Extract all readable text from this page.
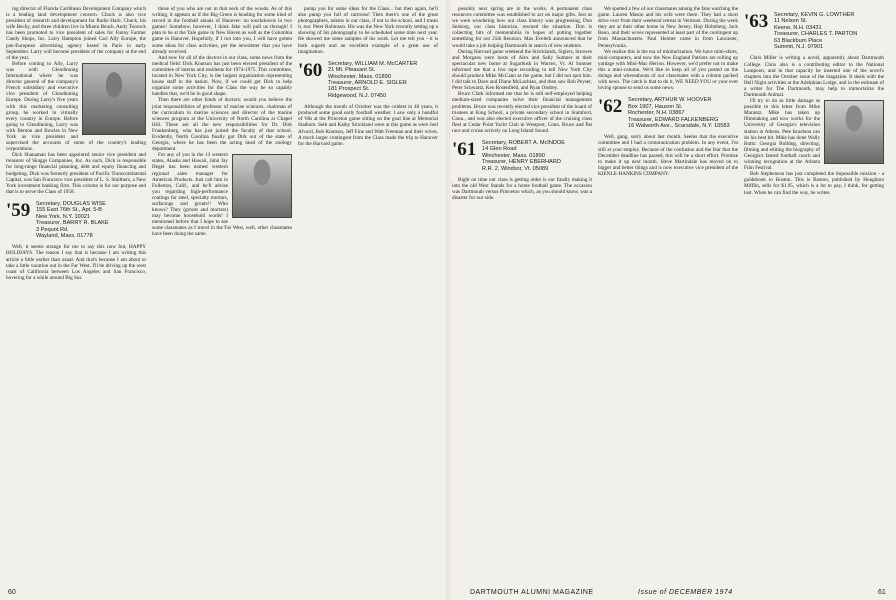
ing director of Florida Caribbean Development Company which is a leading land development concern. Chuck is also vice president of research and development for Radio Haiti. Chuck, his wife Becky, and three children live in Miami Beach. Andy Toorock has been promoted to vice president of sales for Funny Farmer Candy Shops, Inc. Larry Hampton joined Carl Ally Europe, the pan-European advertising agency based in Paris in early September. Larry will become president of the company at the end of the year.

Before coming to Ally, Larry was with Glendinning International where he was director general of the company's French subsidiary and executive vice president of Glendinning Europe. During Larry's five years with this marketing consulting group, he worked in virtually every country in Europe. Before going to Glendinning, Larry was with Benton and Bowles in New York as vice president and supervised the accounts of some of the country's leading corporations.

Dick Shanaman has been appointed senior vice president and treasurer of Skaggs Companies, Inc. As such, Dick is responsible for long-range financial planning, debt and equity financing and budgeting. Dick was formerly president of Pacific Transcontinental Capital, was San Francisco vice president of L. S. Smithers, a New York investment banking firm. This column is for our purpose and that is to serve the Class of 1958.

'59 Secretary, DOUGLAS WISE
155 East 76th St., Apt. 5-B
New York, N.Y. 10021
Treasurer, BARRY R. BLAKE
3 Pequot Rd.
Wayland, Mass. 01778

Well, it seems strange for me to say this now but, HAPPY HOLIDAYS. The reason I say that is because I am writing this article a little earlier than usual. And that's because I am about to take a little vacation out in the Far West. I'll be driving up the west coast of California between Los Angeles and San Francisco, hovering for a while around Big Sur.

those of you who are out in that neck of the woods. As of this writing, it appears as if the Big Green is heading for some kind of record in the football annals of Hanover: no touchdowns in two games! Somehow, however, I think Jake will pull us through! I plan to be at the Yale game in New Haven as well as the Columbia game in Hanover. Hopefully, if I run into you, I will have gotten some ideas for class activities, per the newsletter that you have already received.

And now for all of the doctors in our class, some news from the medical field: Dick Knutson has just been elected president of the committee of interns and residents for 1974-1975. This committee, located in New York City, is the largest organization representing house staff in the nation. Now, if we could get Dick to help organize some activities for the Class the way he so capably handles that, we'd be in good shape.

Then there are other kinds of doctors: would you believe the joint responsibilities of professor of marine sciences, chairman of the curriculum in marine sciences and director of the marine sciences program at the University of North Carolina at Chapel Hill. These are all the new responsibilities for Dr. Dirk Frankenberg, who has just joined the faculty of that school. Evidently, North Carolina finally got Dirk out of the state of Georgia, where he has been the acting head of the zoology department.

For any of you in the 13 western states, Alaska and Hawaii, John Jay Hegel has been named western regional sales manager for American Products. Just call him in Fullerton, Calif., and he'll advise you regarding high-performance coatings for steel, specialty mortars, surfacings and grouts!! Who knows? They (grouts and mortars) may become household words! I mentioned before that I hope to see some classmates as I travel in the Far West, well, other classmates have been doing the same.

pump you for some ideas for the Class... but then again, he'll also pump you full of cartoons! Then there's one of the great photographers, talents in our class, if not in the school, and I mean it, too: Peter Robinson. His was the New York recently setting up a showing of his photography to be scheduled some time next year. He showed me some samples of his work. Let me tell you - it is both superb and an excellent example of a great use of imagination.

'60 Secretary, WILLIAM M. McCARTER
21 Mt. Pleasant St.
Winchester, Mass. 01890
Treasurer, ARNOLD E. SIGLER
181 Prospect St.
Ridgewood, N.J. 07450

Although the month of October was the coldest in 40 years, it produced some good early football weather. I saw only a handful of '60s at the Princeton game sitting on the goal line at Memorial Stadium. Seth and Kathy Strickland were at this game as were Joel Alvord, Bob Knutson, Jeff Fine and Walt Freeman and their wives. A much larger contingent from the Class made the trip to Hanover for the Harvard game.

60

possibly next spring are in the works. A permanent class resources committee was established to act on major gifts. Just as we were wondering how our class history was progressing, Don Seaborg, our class historian, rescued the situation. Don is collecting bits of memorabilia in hopes of putting together something for our 25th Reunion. Max Eveleth announced that he would take a job helping Dartmouth in search of new students.

During Harvard game weekend the Stricklands, Siglers, Strowes and Morgans were hosts of Alex and Sally Sumner at their spectacular new home at Sugarbush in Warren, Vt. Al Sumner informed me that a live tape recording to tell New York City should produce Mike McCann as the game, but I did not spot him. I did talk to Dave and Diane McLachlan, and then saw Bob Peyser, Peter Schwartz, Ken Rosenfield, and Ryan Ondrey.

Bruce Clark informed me that he is still self-employed helping medium-sized companies solve their financial management problems. Bruce was recently elected vice president of the board of trustees at King School, a private secondary school in Stamford, Conn., and was also elected executive officer of the cruising class fleet at Cedar Point Yacht Club in Westport, Conn. Bruce and Pat race and cruise actively on Long Island Sound.

'61 Secretary, ROBERT A. McINDOE
14 Glen Road
Winchester, Mass. 01890
Treasurer, HENRY EBERHARD
R.R. 2, Windsor, Vt. 05089

Right on time our class is getting older is our finally making it into the old West Stands for a home football game. The occasion was Dartmouth versus Princeton which, as you should know, was a disaster for our side.

We spotted a few of our classmates among the fans watching the game. Lauren Mason and his wife were there. They had a short drive over from their weekend retreat in Vermont. During the week they are at their other home in New Jersey. Hop Holmberg, Jack Reno, and their wives represented at least part of the contingent up from Massachusetts. Paul Heimer came in from Lancaster, Pennsylvania.

We realize this is the era of miniturization. We have mini-skirts, mini-computers, and now the New England Patriots are rolling up yardage with Mini-Mac Herron. However, we'd prefer not to make this a mini-column. We'd like to keep all of you posted on the doings and whereabouts of our classmates with a column packed with news. The catch is that to do it, WE NEED YOU or your ever loving spouse to send us some news.

'62 Secretary, ARTHUR W. HOOVER
Box 1907, Hauson St.
Rochester, N.H. 03867
Treasurer, EDWARD FALKENBERG
16 Walworth Ave., Scarsdale, N.Y. 10583

Well, gang, sorry about last month. Seems that the executive committee and I had a communication problem. In any event, I'm still at your employ. Because of the confusion and the fear that the December deadline has passed, this will be a short effort. Promise to make it up next month. Steve Martindale has moved on to bigger and better things and is now executive vice president of the KIENLE-HANKINS COMPANY.

'63 Secretary, KEVIN G. LOWTHER
11 Nelson St.
Keene, N.H. 03431
Treasurer, CHARLES T. PARTON
63 Blackburn Place
Summit, N.J. 07901

Chris Miller is writing a novel, apparently about Dartmouth College. Chris also is a contributing editor to the National Lampoon, and in that capacity he inserted one of the novel's chapters into the October issue of the magazine. It deals with the Hell Night activities at the Adelphian Lodge, and in the estimate of a writer for The Dartmouth, may help to immortalize the Dartmouth Animal.

I'll try to do as little damage as possible to this letter from Mike Marantz. Mike has taken up filmmaking and now works for the University of Georgia's television station in Athens. Pete Israelson can do his best bit. Mike has done Wally Butts: Georgia Bulldog, directing, filming and editing the biography of Georgia's famed football coach and winning recognition at the Atlanta Film Festival.

Bob Stephenson has just completed the impossible mission - a guidebook to Boston. This is Boston, published by Houghton Mifflin, sells for $1.95, which is a lot to pay, I think, for getting lost. When he can find the way, he writes.

DARTMOUTH ALUMNI MAGAZINE	Issue of DECEMBER 1974	61
